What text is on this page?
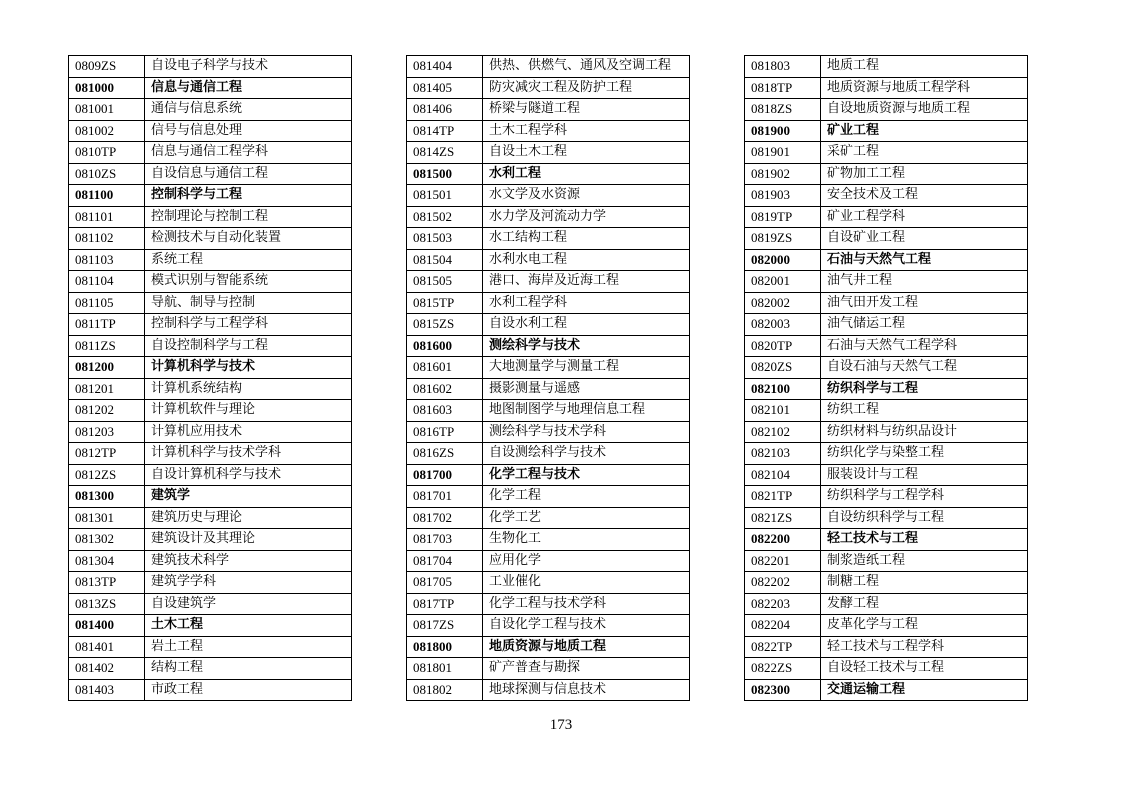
0809ZS	自设电子科学与技术
081000	信息与通信工程
081001	通信与信息系统
081002	信号与信息处理
0810TP	信息与通信工程学科
0810ZS	自设信息与通信工程
081100	控制科学与工程
081101	控制理论与控制工程
081102	检测技术与自动化装置
081103	系统工程
081104	模式识别与智能系统
081105	导航、制导与控制
0811TP	控制科学与工程学科
0811ZS	自设控制科学与工程
081200	计算机科学与技术
081201	计算机系统结构
081202	计算机软件与理论
081203	计算机应用技术
0812TP	计算机科学与技术学科
0812ZS	自设计算机科学与技术
081300	建筑学
081301	建筑历史与理论
081302	建筑设计及其理论
081304	建筑技术科学
0813TP	建筑学学科
0813ZS	自设建筑学
081400	土木工程
081401	岩土工程
081402	结构工程
081403	市政工程
081404	供热、供燃气、通风及空调工程
081405	防灾减灾工程及防护工程
081406	桥梁与隧道工程
0814TP	土木工程学科
0814ZS	自设土木工程
081500	水利工程
081501	水文学及水资源
081502	水力学及河流动力学
081503	水工结构工程
081504	水利水电工程
081505	港口、海岸及近海工程
0815TP	水利工程学科
0815ZS	自设水利工程
081600	测绘科学与技术
081601	大地测量学与测量工程
081602	摄影测量与遥感
081603	地图制图学与地理信息工程
0816TP	测绘科学与技术学科
0816ZS	自设测绘科学与技术
081700	化学工程与技术
081701	化学工程
081702	化学工艺
081703	生物化工
081704	应用化学
081705	工业催化
0817TP	化学工程与技术学科
0817ZS	自设化学工程与技术
081800	地质资源与地质工程
081801	矿产普查与勘探
081802	地球探测与信息技术
081803	地质工程
0818TP	地质资源与地质工程学科
0818ZS	自设地质资源与地质工程
081900	矿业工程
081901	采矿工程
081902	矿物加工工程
081903	安全技术及工程
0819TP	矿业工程学科
0819ZS	自设矿业工程
082000	石油与天然气工程
082001	油气井工程
082002	油气田开发工程
082003	油气储运工程
0820TP	石油与天然气工程学科
0820ZS	自设石油与天然气工程
082100	纺织科学与工程
082101	纺织工程
082102	纺织材料与纺织品设计
082103	纺织化学与染整工程
082104	服装设计与工程
0821TP	纺织科学与工程学科
0821ZS	自设纺织科学与工程
082200	轻工技术与工程
082201	制浆造纸工程
082202	制糖工程
082203	发酵工程
082204	皮革化学与工程
0822TP	轻工技术与工程学科
0822ZS	自设轻工技术与工程
082300	交通运输工程
173
